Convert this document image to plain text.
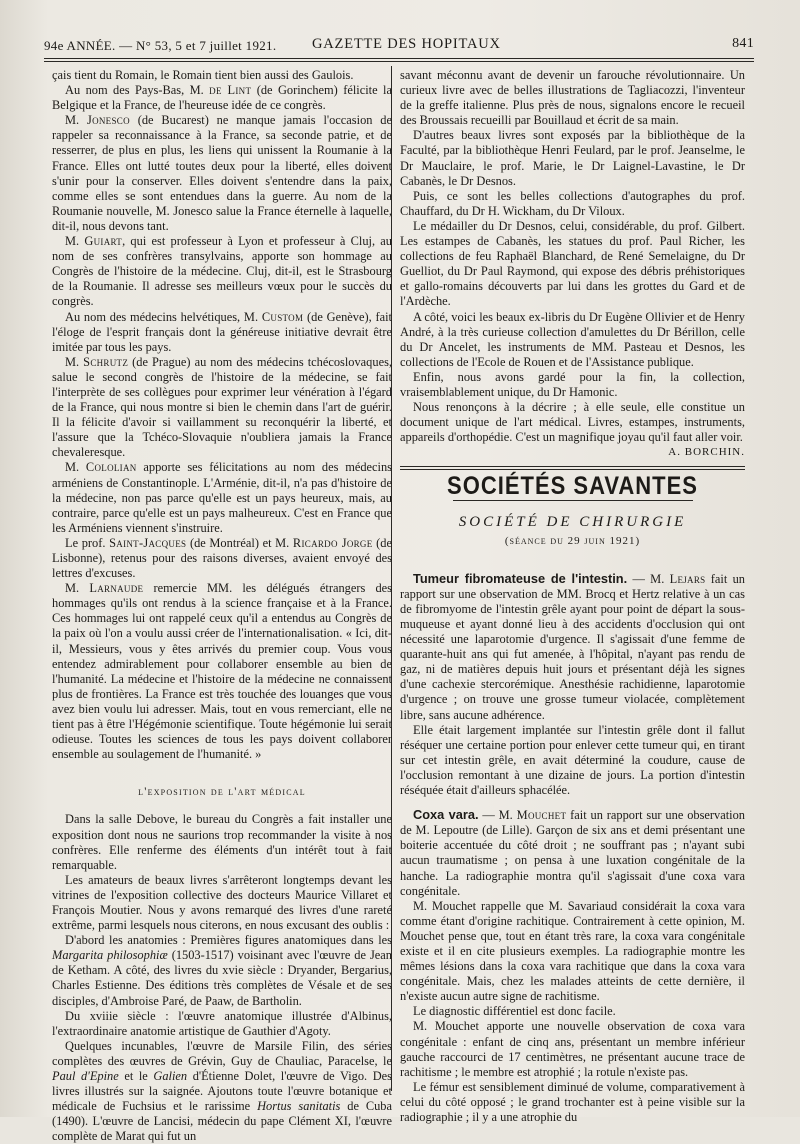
94e ANNÉE. — N° 53, 5 et 7 juillet 1921. GAZETTE DES HOPITAUX	841

çais tient du Romain, le Romain tient bien aussi des Gaulois.

Au nom des Pays-Bas, M. de Lint (de Gorinchem) félicite la Belgique et la France, de l'heureuse idée de ce congrès.

M. Jonesco (de Bucarest) ne manque jamais l'occasion de rappeler sa reconnaissance à la France, sa seconde patrie, et de resserrer, de plus en plus, les liens qui unissent la Roumanie à la France. Elles ont lutté toutes deux pour la liberté, elles doivent s'unir pour la conserver. Elles doivent s'entendre dans la paix, comme elles se sont entendues dans la guerre. Au nom de la Roumanie nouvelle, M. Jonesco salue la France éternelle à laquelle, dit-il, nous devons tant.

M. Guiart, qui est professeur à Lyon et professeur à Cluj, au nom de ses confrères transylvains, apporte son hommage au Congrès de l'histoire de la médecine. Cluj, dit-il, est le Strasbourg de la Roumanie. Il adresse ses meilleurs vœux pour le succès du congrès.

Au nom des médecins helvétiques, M. Custom (de Genève), fait l'éloge de l'esprit français dont la généreuse initiative devrait être imitée par tous les pays.

M. Schrutz (de Prague) au nom des médecins tchécoslovaques, salue le second congrès de l'histoire de la médecine, se fait l'interprète de ses collègues pour exprimer leur vénération à l'égard de la France, qui nous montre si bien le chemin dans l'art de guérir. Il la félicite d'avoir si vaillamment su reconquérir la liberté, et l'assure que la Tchéco-Slovaquie n'oubliera jamais la France chevaleresque.

M. Cololian apporte ses félicitations au nom des médecins arméniens de Constantinople. L'Arménie, dit-il, n'a pas d'histoire de la médecine, non pas parce qu'elle est un pays heureux, mais, au contraire, parce qu'elle est un pays malheureux. C'est en France que les Arméniens viennent s'instruire.

Le prof. Saint-Jacques (de Montréal) et M. Ricardo Jorge (de Lisbonne), retenus pour des raisons diverses, avaient envoyé des lettres d'excuses.

M. Larnaude remercie MM. les délégués étrangers des hommages qu'ils ont rendus à la science française et à la France. Ces hommages lui ont rappelé ceux qu'il a entendus au Congrès de la paix où l'on a voulu aussi créer de l'internationalisation. « Ici, dit-il, Messieurs, vous y êtes arrivés du premier coup. Vous vous entendez admirablement pour collaborer ensemble au bien de l'humanité. La médecine et l'histoire de la médecine ne connaissent plus de frontières. La France est très touchée des louanges que vous avez bien voulu lui adresser. Mais, tout en vous remerciant, elle ne tient pas à être l'Hégémonie scientifique. Toute hégémonie lui serait odieuse. Toutes les sciences de tous les pays doivent collaborer ensemble au soulagement de l'humanité. »

l'exposition de l'art médical

Dans la salle Debove, le bureau du Congrès a fait installer une exposition dont nous ne saurions trop recommander la visite à nos confrères. Elle renferme des éléments d'un intérêt tout à fait remarquable.

Les amateurs de beaux livres s'arrêteront longtemps devant les vitrines de l'exposition collective des docteurs Maurice Villaret et François Moutier. Nous y avons remarqué des livres d'une rareté extrême, parmi lesquels nous citerons, en nous excusant des oublis :

D'abord les anatomies : Premières figures anatomiques dans les Margarita philosophiæ (1503-1517) voisinant avec l'œuvre de Jean de Ketham. A côté, des livres du xvie siècle : Dryander, Bergarius, Charles Estienne. Des éditions très complètes de Vésale et de ses disciples, d'Ambroise Paré, de Paaw, de Bartholin.

Du xviiie siècle : l'œuvre anatomique illustrée d'Albinus, l'extraordinaire anatomie artistique de Gauthier d'Agoty.

Quelques incunables, l'œuvre de Marsile Filin, des séries complètes des œuvres de Grévin, Guy de Chauliac, Paracelse, le Paul d'Epine et le Galien d'Étienne Dolet, l'œuvre de Vigo. Des livres illustrés sur la saignée. Ajoutons toute l'œuvre botanique et médicale de Fuchsius et le rarissime Hortus sanitatis de Cuba (1490). L'œuvre de Lancisi, médecin du pape Clément XI, l'œuvre complète de Marat qui fut un

savant méconnu avant de devenir un farouche révolutionnaire. Un curieux livre avec de belles illustrations de Tagliacozzi, l'inventeur de la greffe italienne. Plus près de nous, signalons encore le recueil des Broussais recueilli par Bouillaud et écrit de sa main.

D'autres beaux livres sont exposés par la bibliothèque de la Faculté, par la bibliothèque Henri Feulard, par le prof. Jeanselme, le Dr Mauclaire, le prof. Marie, le Dr Laignel-Lavastine, le Dr Cabanès, le Dr Desnos.

Puis, ce sont les belles collections d'autographes du prof. Chauffard, du Dr H. Wickham, du Dr Viloux.

Le médailler du Dr Desnos, celui, considérable, du prof. Gilbert. Les estampes de Cabanès, les statues du prof. Paul Richer, les collections de feu Raphaël Blanchard, de René Semelaigne, du Dr Guelliot, du Dr Paul Raymond, qui expose des débris préhistoriques et gallo-romains découverts par lui dans les grottes du Gard et de l'Ardèche.

A côté, voici les beaux ex-libris du Dr Eugène Ollivier et de Henry André, à la très curieuse collection d'amulettes du Dr Bérillon, celle du Dr Ancelet, les instruments de MM. Pasteau et Desnos, les collections de l'Ecole de Rouen et de l'Assistance publique.

Enfin, nous avons gardé pour la fin, la collection, vraisemblablement unique, du Dr Hamonic.

Nous renonçons à la décrire ; à elle seule, elle constitue un document unique de l'art médical. Livres, estampes, instruments, appareils d'orthopédie. C'est un magnifique joyau qu'il faut aller voir.

A. BORCHIN.

SOCIÉTÉS SAVANTES
SOCIÉTÉ DE CHIRURGIE
(séance du 29 juin 1921)

Tumeur fibromateuse de l'intestin. — M. Lejars fait un rapport sur une observation de MM. Brocq et Hertz relative à un cas de fibromyome de l'intestin grêle ayant pour point de départ la sous-muqueuse et ayant donné lieu à des accidents d'occlusion qui ont nécessité une laparotomie d'urgence. Il s'agissait d'une femme de quarante-huit ans qui fut amenée, à l'hôpital, n'ayant pas rendu de gaz, ni de matières depuis huit jours et présentant déjà les signes d'une cachexie stercorémique. Anesthésie rachidienne, laparotomie d'urgence ; on trouve une grosse tumeur violacée, complètement libre, sans aucune adhérence.

Elle était largement implantée sur l'intestin grêle dont il fallut réséquer une certaine portion pour enlever cette tumeur qui, en tirant sur cet intestin grêle, en avait déterminé la coudure, cause de l'occlusion remontant à une dizaine de jours. La portion d'intestin réséquée était d'ailleurs sphacélée.

Coxa vara. — M. Mouchet fait un rapport sur une observation de M. Lepoutre (de Lille). Garçon de six ans et demi présentant une boiterie accentuée du côté droit ; ne souffrant pas ; n'ayant subi aucun traumatisme ; on pensa à une luxation congénitale de la hanche. La radiographie montra qu'il s'agissait d'une coxa vara congénitale.

M. Mouchet rappelle que M. Savariaud considérait la coxa vara comme étant d'origine rachitique. Contrairement à cette opinion, M. Mouchet pense que, tout en étant très rare, la coxa vara congénitale existe et il en cite plusieurs exemples. La radiographie montre les mêmes lésions dans la coxa vara rachitique que dans la coxa vara congénitale. Mais, chez les malades atteints de cette dernière, il n'existe aucun autre signe de rachitisme.

Le diagnostic différentiel est donc facile.

M. Mouchet apporte une nouvelle observation de coxa vara congénitale : enfant de cinq ans, présentant un membre inférieur gauche raccourci de 17 centimètres, ne présentant aucune trace de rachitisme ; le membre est atrophié ; la rotule n'existe pas.

Le fémur est sensiblement diminué de volume, comparativement à celui du côté opposé ; le grand trochanter est à peine visible sur la radiographie ; il y a une atrophie du
